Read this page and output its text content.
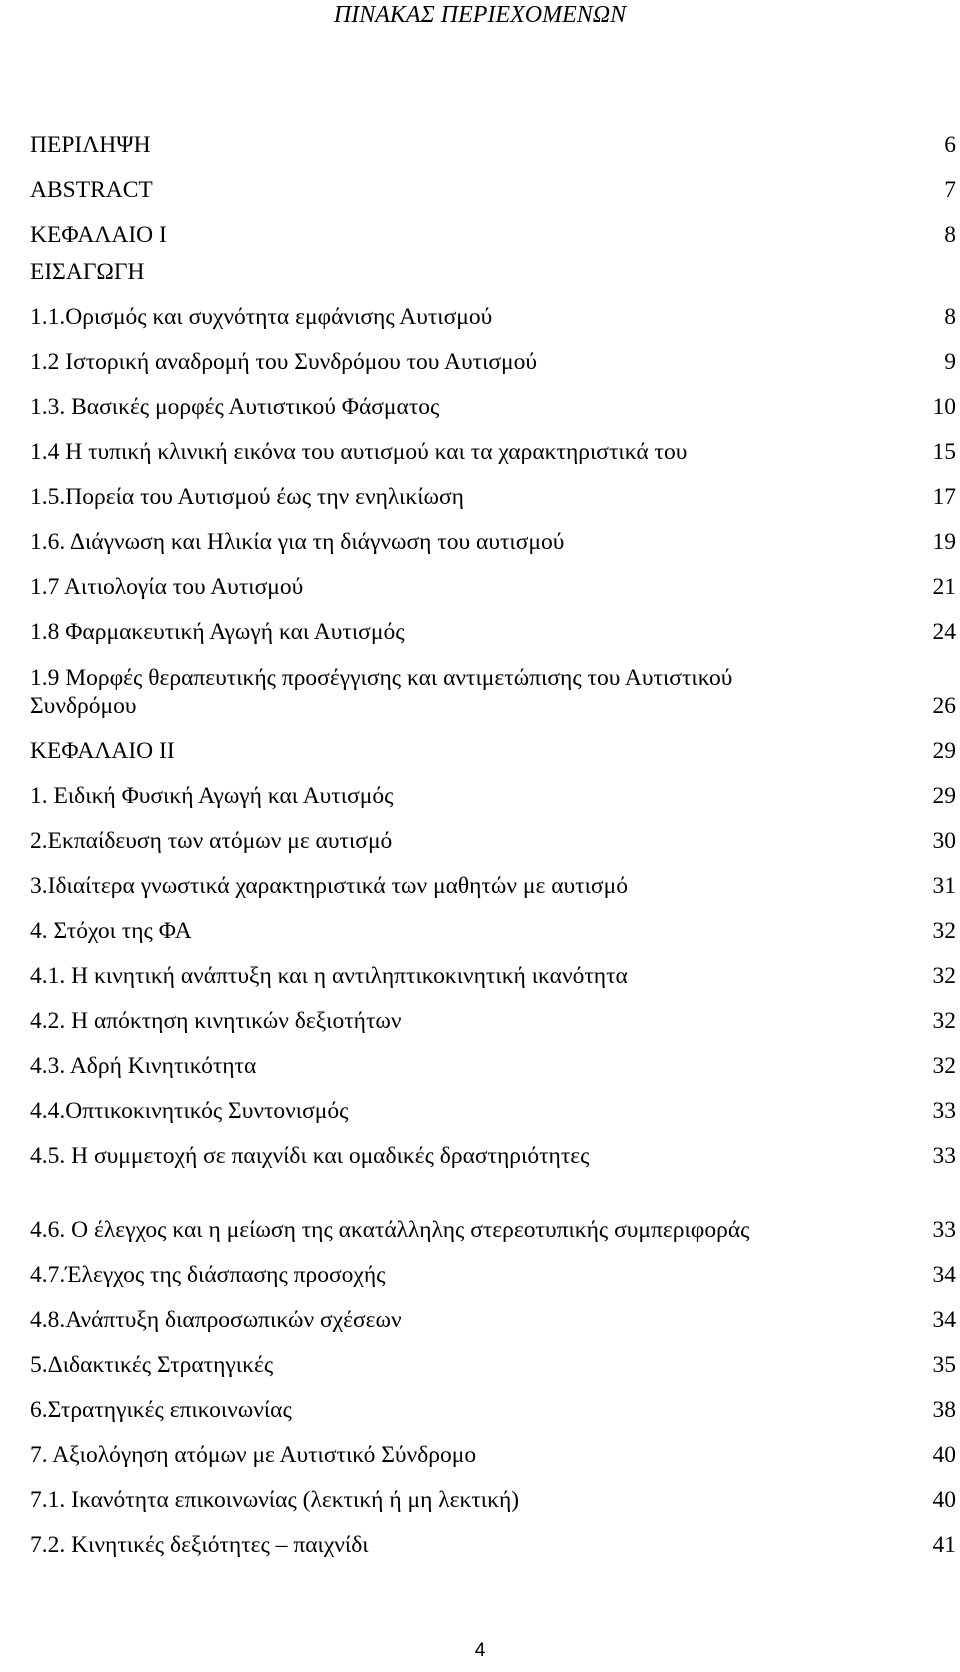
ΠΙΝΑΚΑΣ ΠΕΡΙΕΧΟΜΕΝΩΝ
ΠΕΡΙΛΗΨΗ	6
ABSTRACT	7
ΚΕΦΑΛΑΙΟ Ι	8
ΕΙΣΑΓΩΓΗ
1.1.Ορισμός και συχνότητα εμφάνισης Αυτισμού	8
1.2 Ιστορική αναδρομή του Συνδρόμου του Αυτισμού	9
1.3. Βασικές μορφές Αυτιστικού Φάσματος	10
1.4 Η τυπική κλινική εικόνα του αυτισμού και τα χαρακτηριστικά του	15
1.5.Πορεία του Αυτισμού έως την ενηλικίωση	17
1.6. Διάγνωση και Ηλικία για τη διάγνωση του αυτισμού	19
1.7 Αιτιολογία του Αυτισμού	21
1.8 Φαρμακευτική Αγωγή και Αυτισμός	24
1.9 Μορφές θεραπευτικής προσέγγισης και αντιμετώπισης του Αυτιστικού Συνδρόμου	26
ΚΕΦΑΛΑΙΟ ΙΙ	29
1. Ειδική Φυσική Αγωγή και Αυτισμός	29
2.Εκπαίδευση των ατόμων με αυτισμό	30
3.Ιδιαίτερα γνωστικά χαρακτηριστικά των μαθητών με αυτισμό	31
4. Στόχοι της ΦΑ	32
4.1. Η κινητική ανάπτυξη και η αντιληπτικοκινητική ικανότητα	32
4.2. Η απόκτηση κινητικών δεξιοτήτων	32
4.3. Αδρή Κινητικότητα	32
4.4.Οπτικοκινητικός Συντονισμός	33
4.5. Η συμμετοχή σε παιχνίδι και ομαδικές δραστηριότητες	33
4.6. Ο έλεγχος και η μείωση της ακατάλληλης στερεοτυπικής συμπεριφοράς	33
4.7.Έλεγχος της διάσπασης προσοχής	34
4.8.Ανάπτυξη διαπροσωπικών σχέσεων	34
5.Διδακτικές Στρατηγικές	35
6.Στρατηγικές επικοινωνίας	38
7. Αξιολόγηση ατόμων με Αυτιστικό Σύνδρομο	40
7.1. Ικανότητα επικοινωνίας (λεκτική ή μη λεκτική)	40
7.2. Κινητικές δεξιότητες – παιχνίδι	41
4
